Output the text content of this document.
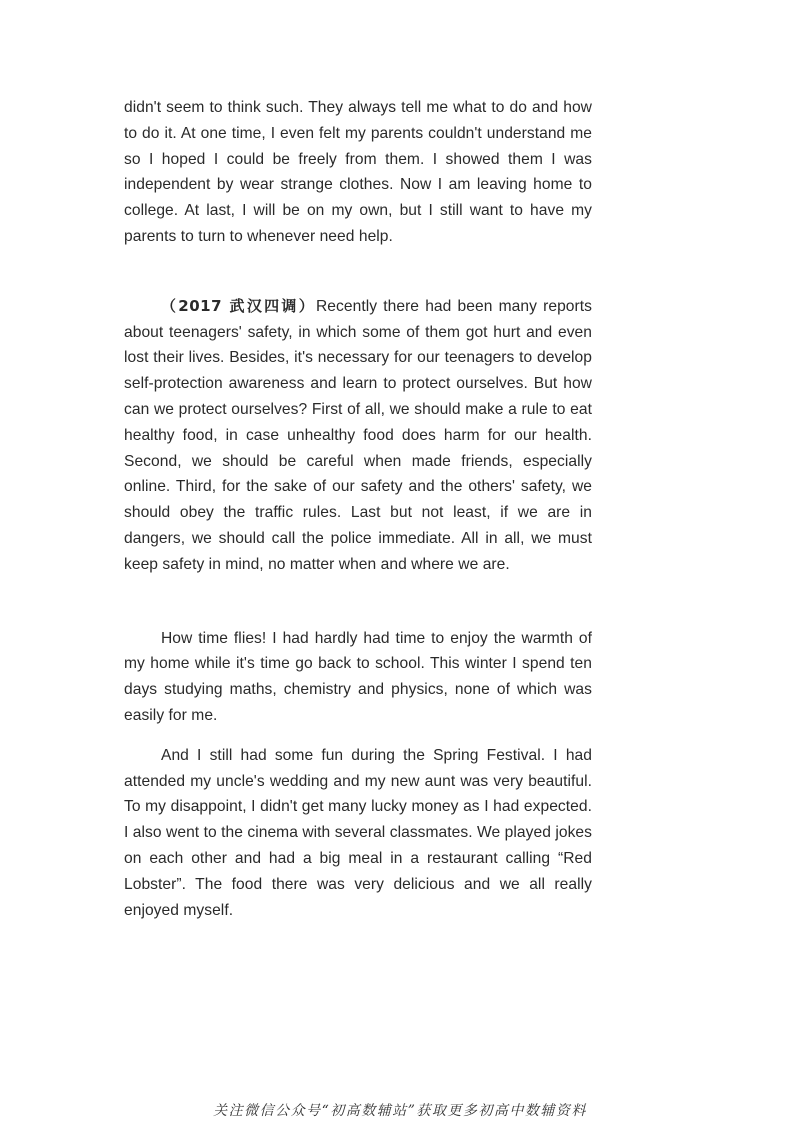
didn't seem to think such. They always tell me what to do and how to do it. At one time, I even felt my parents couldn't understand me so I hoped I could be freely from them. I showed them I was independent by wear strange clothes. Now I am leaving home to college. At last, I will be on my own, but I still want to have my parents to turn to whenever need help.

（2017 武汉四调）Recently there had been many reports about teenagers' safety, in which some of them got hurt and even lost their lives. Besides, it's necessary for our teenagers to develop self-protection awareness and learn to protect ourselves. But how can we protect ourselves? First of all, we should make a rule to eat healthy food, in case unhealthy food does harm for our health. Second, we should be careful when made friends, especially online. Third, for the sake of our safety and the others' safety, we should obey the traffic rules. Last but not least, if we are in dangers, we should call the police immediate. All in all, we must keep safety in mind, no matter when and where we are.

How time flies! I had hardly had time to enjoy the warmth of my home while it's time go back to school. This winter I spend ten days studying maths, chemistry and physics, none of which was easily for me.

And I still had some fun during the Spring Festival. I had attended my uncle's wedding and my new aunt was very beautiful. To my disappoint, I didn't get many lucky money as I had expected. I also went to the cinema with several classmates. We played jokes on each other and had a big meal in a restaurant calling “Red Lobster”. The food there was very delicious and we all really enjoyed myself.

关注微信公众号“初高数辅站”获取更多初高中数辅资料
